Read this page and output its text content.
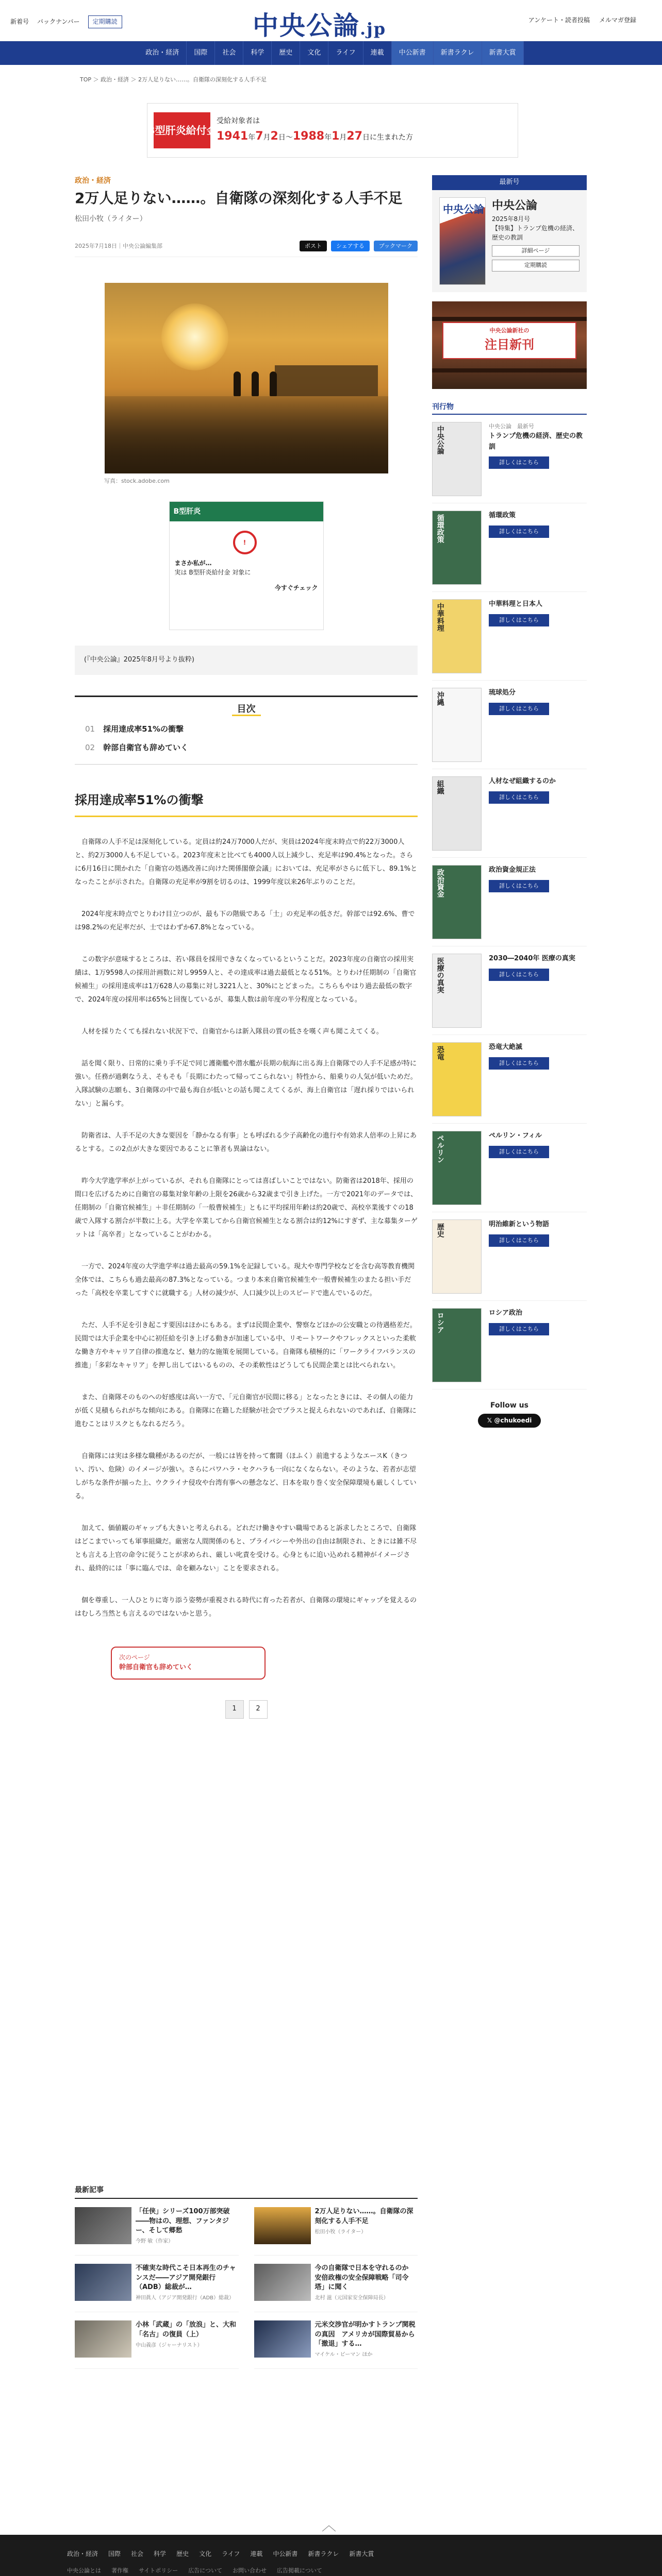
新着号 バックナンバー	定期購読	中央公論.jp	アンケート・読者投稿 メルマガ登録
政治・経済	国際	社会	科学	歴史	文化	ライフ	連載	中公新書	新書ラクレ	新書大賞
TOP ＞ 政治・経済 ＞ 2万人足りない……。自衛隊の深刻化する人手不足
B型肝炎給付金
受給対象者は
1941年7月2日〜1988年1月27日に生まれた方
政治・経済
2万人足りない……。自衛隊の深刻化する人手不足
松田小牧（ライター）
2025年7月18日｜中央公論編集部	ポスト	シェアする	ブックマーク
写真：stock.adobe.com
B型肝炎
!
まさか私が…
実は B型肝炎給付金 対象に
今すぐチェック
(『中央公論』2025年8月号より抜粋)
目次
01 採用達成率51%の衝撃
02 幹部自衛官も辞めていく
採用達成率51%の衝撃

自衛隊の人手不足は深刻化している。定員は約24万7000人だが、実員は2024年度末時点で約22万3000人と、約2万3000人も不足している。2023年度末と比べても4000人以上減少し、充足率は90.4%となった。さらに6月16日に開かれた「自衛官の処遇改善に向けた関係閣僚会議」においては、充足率がさらに低下し、89.1%となったことが示された。自衛隊の充足率が9割を切るのは、1999年度以来26年ぶりのことだ。

2024年度末時点でとりわけ目立つのが、最も下の階級である「士」の充足率の低さだ。幹部では92.6%、曹では98.2%の充足率だが、士ではわずか67.8%となっている。

この数字が意味するところは、若い隊員を採用できなくなっているということだ。2023年度の自衛官の採用実績は、1万9598人の採用計画数に対し9959人と、その達成率は過去最低となる51%。とりわけ任期制の「自衛官候補生」の採用達成率は1万628人の募集に対し3221人と、30%にとどまった。こちらもやはり過去最低の数字で、2024年度の採用率は65%と回復しているが、募集人数は前年度の半分程度となっている。

人材を採りたくても採れない状況下で、自衛官からは新入隊員の質の低さを嘆く声も聞こえてくる。

話を聞く限り、日常的に乗り手不足で同じ護衛艦や潜水艦が長期の航海に出る海上自衛隊での人手不足感が特に強い。任務が過剰なうえ、そもそも「長期にわたって帰ってこられない」特性から、船乗りの人気が低いためだ。入隊試験の志願も、3自衛隊の中で最も海自が低いとの話も聞こえてくるが、海上自衛官は「遅れ採りではいられない」と漏らす。

防衛省は、人手不足の大きな要因を「静かなる有事」とも呼ばれる少子高齢化の進行や有効求人倍率の上昇にあるとする。この2点が大きな要因であることに筆者も異論はない。

昨今大学進学率が上がっているが、それも自衛隊にとっては喜ばしいことではない。防衛省は2018年、採用の間口を広げるために自衛官の募集対象年齢の上限を26歳から32歳まで引き上げた。一方で2021年のデータでは、任期制の「自衛官候補生」＋非任期制の「一般曹候補生」ともに平均採用年齢は約20歳で、高校卒業後すぐの18歳で入隊する割合が半数に上る。大学を卒業してから自衛官候補生となる割合は約12%にすぎず、主な募集ターゲットは「高卒者」となっていることがわかる。

一方で、2024年度の大学進学率は過去最高の59.1%を記録している。現大や専門学校などを含む高等教育機関全体では、こちらも過去最高の87.3%となっている。つまり本来自衛官候補生や一般曹候補生のまたる担い手だった「高校を卒業してすぐに就職する」人材の減少が、人口減少以上のスピードで進んでいるのだ。

ただ、人手不足を引き起こす要因はほかにもある。まずは民間企業や、警察などほかの公安職との待遇格差だ。民間では大手企業を中心に初任給を引き上げる動きが加速している中、リモートワークやフレックスといった柔軟な働き方やキャリア自律の推進など、魅力的な施策を展開している。自衛隊も積極的に「ワークライフバランスの推進」「多彩なキャリア」を押し出してはいるものの、その柔軟性はどうしても民間企業とは比べられない。

また、自衛隊そのものへの好感度は高い一方で、「元自衛官が民間に移る」となったときには、その個人の能力が低く見積もられがちな傾向にある。自衛隊に在籍した経験が社会でプラスと捉えられないのであれば、自衛隊に進むことはリスクともなれるだろう。

自衛隊には実は多様な職種があるのだが、一般には皆を持って奮闘（ほふく）前進するようなエースK（きつい、汚い、危険）のイメージが強い。さらにパワハラ・セクハラも一向になくならない。そのような、若者が志望しがちな条件が揃った上、ウクライナ侵攻や台湾有事への懸念など、日本を取り巻く安全保障環境も厳しくしている。

加えて、価値観のギャップも大きいと考えられる。どれだけ働きやすい職場であると訴求したところで、自衛隊はどこまでいっても軍事組織だ。厳密な人間関係のもと、プライバシーや外出の自由は制限され、ときには雑不尽とも言える上官の命令に従うことが求められ、厳しい叱責を受ける。心身ともに追い込めれる精神がイメージされ、最終的には「事に臨んでは、命を顧みない」ことを要求される。

個を尊重し、一人ひとりに寄り添う姿勢が重視される時代に育った若者が、自衛隊の環境にギャップを覚えるのはむしろ当然とも言えるのではないかと思う。

次のページ
幹部自衛官も辞めていく
1	2
最新号
中央公論 中央公論
2025年8月号
【特集】トランプ危機の経済、歴史の教訓
詳細ページ
定期購読
中央公論新社の
注目新刊
刊行物
中央公論	中央公論　最新号
トランプ危機の経済、歴史の教訓
詳しくはこちら
循環政策	循環政策
詳しくはこちら
中華料理	中華料理と日本人
詳しくはこちら
沖縄	琉球処分
詳しくはこちら
組織	人材なぜ組織するのか
詳しくはこちら
政治資金	政治資金規正法
詳しくはこちら
医療の真実	2030―2040年 医療の真実
詳しくはこちら
恐竜	恐竜大絶滅
詳しくはこちら
ペルリン	ペルリン・フィル
詳しくはこちら
歴史	明治維新という物語
詳しくはこちら
ロシア	ロシア政治
詳しくはこちら
Follow us
𝕏 @chukoedi
最新記事
「任侠」シリーズ100万部突破――物はの、理想、ファンタジー、そして郷愁
今野 敏（作家）
2万人足りない……。自衛隊の深刻化する人手不足
松田小牧（ライター）
不確実な時代こそ日本再生のチャンスだ――アジア開発銀行（ADB）総裁が…
神田眞人（アジア開発銀行（ADB）総裁）
今の自衛隊で日本を守れるのか　安倍政権の安全保障戦略「司令塔」に聞く
北村 滋（元国家安全保障局長）
小林「武蔵」の「放浪」と、大和「名古」の復員（上）
中山義彦（ジャーナリスト）
元米交渉官が明かすトランプ関税の真因　アメリカが国際貿易から「撤退」する…
マイケル・ビーマン ほか
︿
政治・経済 国際 社会 科学 歴史 文化 ライフ 連載 中公新書 新書ラクレ 新書大賞
中央公論とは 著作権 サイトポリシー 広告について お問い合わせ 広告掲載について
